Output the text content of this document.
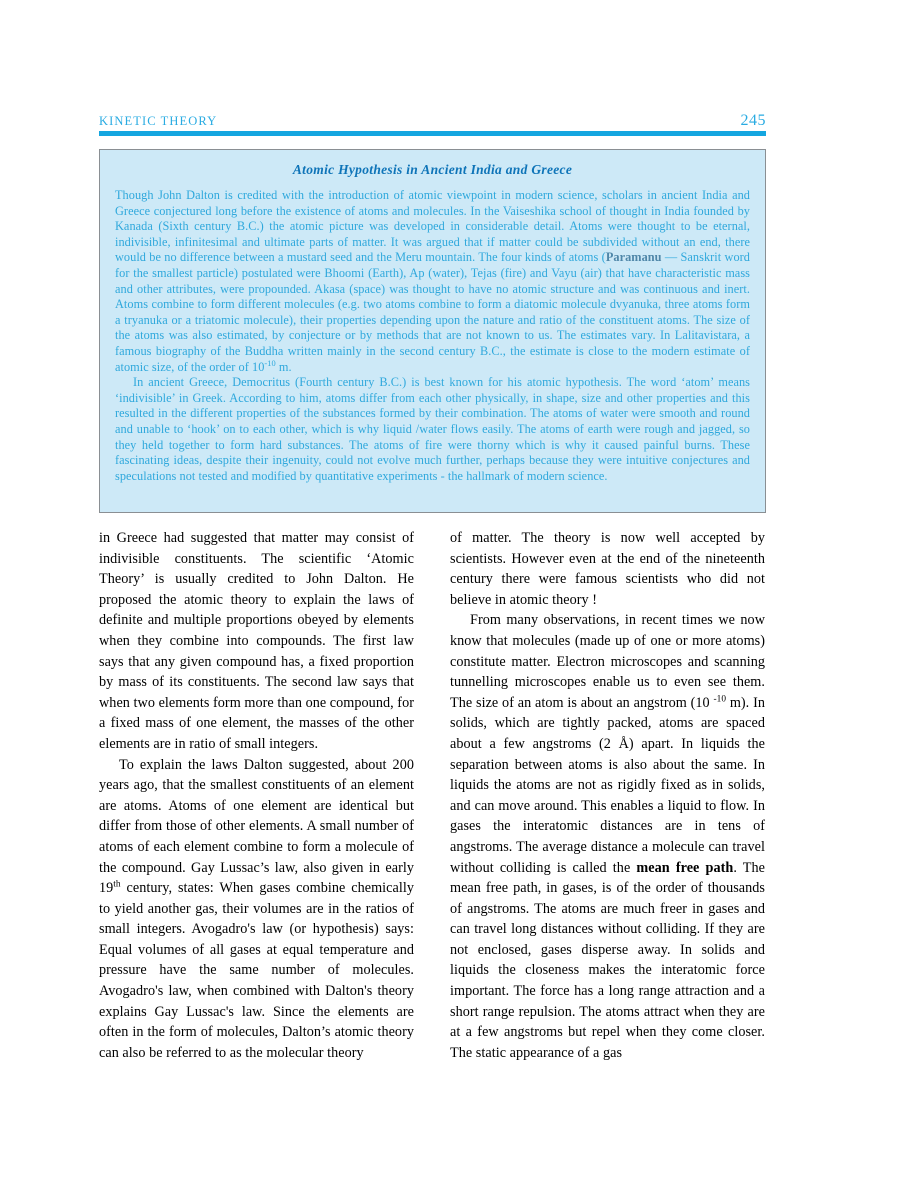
KINETIC THEORY	245
Atomic Hypothesis in Ancient India and Greece

Though John Dalton is credited with the introduction of atomic viewpoint in modern science, scholars in ancient India and Greece conjectured long before the existence of atoms and molecules. In the Vaiseshika school of thought in India founded by Kanada (Sixth century B.C.) the atomic picture was developed in considerable detail. Atoms were thought to be eternal, indivisible, infinitesimal and ultimate parts of matter. It was argued that if matter could be subdivided without an end, there would be no difference between a mustard seed and the Meru mountain. The four kinds of atoms (Paramanu — Sanskrit word for the smallest particle) postulated were Bhoomi (Earth), Ap (water), Tejas (fire) and Vayu (air) that have characteristic mass and other attributes, were propounded. Akasa (space) was thought to have no atomic structure and was continuous and inert. Atoms combine to form different molecules (e.g. two atoms combine to form a diatomic molecule dvyanuka, three atoms form a tryanuka or a triatomic molecule), their properties depending upon the nature and ratio of the constituent atoms. The size of the atoms was also estimated, by conjecture or by methods that are not known to us. The estimates vary. In Lalitavistara, a famous biography of the Buddha written mainly in the second century B.C., the estimate is close to the modern estimate of atomic size, of the order of $10^{-10}$ m.

In ancient Greece, Democritus (Fourth century B.C.) is best known for his atomic hypothesis. The word ‘atom’ means ‘indivisible’ in Greek. According to him, atoms differ from each other physically, in shape, size and other properties and this resulted in the different properties of the substances formed by their combination. The atoms of water were smooth and round and unable to ‘hook’ on to each other, which is why liquid /water flows easily. The atoms of earth were rough and jagged, so they held together to form hard substances. The atoms of fire were thorny which is why it caused painful burns. These fascinating ideas, despite their ingenuity, could not evolve much further, perhaps because they were intuitive conjectures and speculations not tested and modified by quantitative experiments - the hallmark of modern science.

in Greece had suggested that matter may consist of indivisible constituents. The scientific ‘Atomic Theory’ is usually credited to John Dalton. He proposed the atomic theory to explain the laws of definite and multiple proportions obeyed by elements when they combine into compounds. The first law says that any given compound has, a fixed proportion by mass of its constituents. The second law says that when two elements form more than one compound, for a fixed mass of one element, the masses of the other elements are in ratio of small integers.

To explain the laws Dalton suggested, about 200 years ago, that the smallest constituents of an element are atoms. Atoms of one element are identical but differ from those of other elements. A small number of atoms of each element combine to form a molecule of the compound. Gay Lussac’s law, also given in early 19th century, states: When gases combine chemically to yield another gas, their volumes are in the ratios of small integers. Avogadro's law (or hypothesis) says: Equal volumes of all gases at equal temperature and pressure have the same number of molecules. Avogadro's law, when combined with Dalton's theory explains Gay Lussac's law. Since the elements are often in the form of molecules, Dalton’s atomic theory can also be referred to as the molecular theory

of matter. The theory is now well accepted by scientists. However even at the end of the nineteenth century there were famous scientists who did not believe in atomic theory !

From many observations, in recent times we now know that molecules (made up of one or more atoms) constitute matter. Electron microscopes and scanning tunnelling microscopes enable us to even see them. The size of an atom is about an angstrom (10 $^{-10}$ m). In solids, which are tightly packed, atoms are spaced about a few angstroms (2 Å) apart. In liquids the separation between atoms is also about the same. In liquids the atoms are not as rigidly fixed as in solids, and can move around. This enables a liquid to flow. In gases the interatomic distances are in tens of angstroms. The average distance a molecule can travel without colliding is called the mean free path. The mean free path, in gases, is of the order of thousands of angstroms. The atoms are much freer in gases and can travel long distances without colliding. If they are not enclosed, gases disperse away. In solids and liquids the closeness makes the interatomic force important. The force has a long range attraction and a short range repulsion. The atoms attract when they are at a few angstroms but repel when they come closer. The static appearance of a gas
